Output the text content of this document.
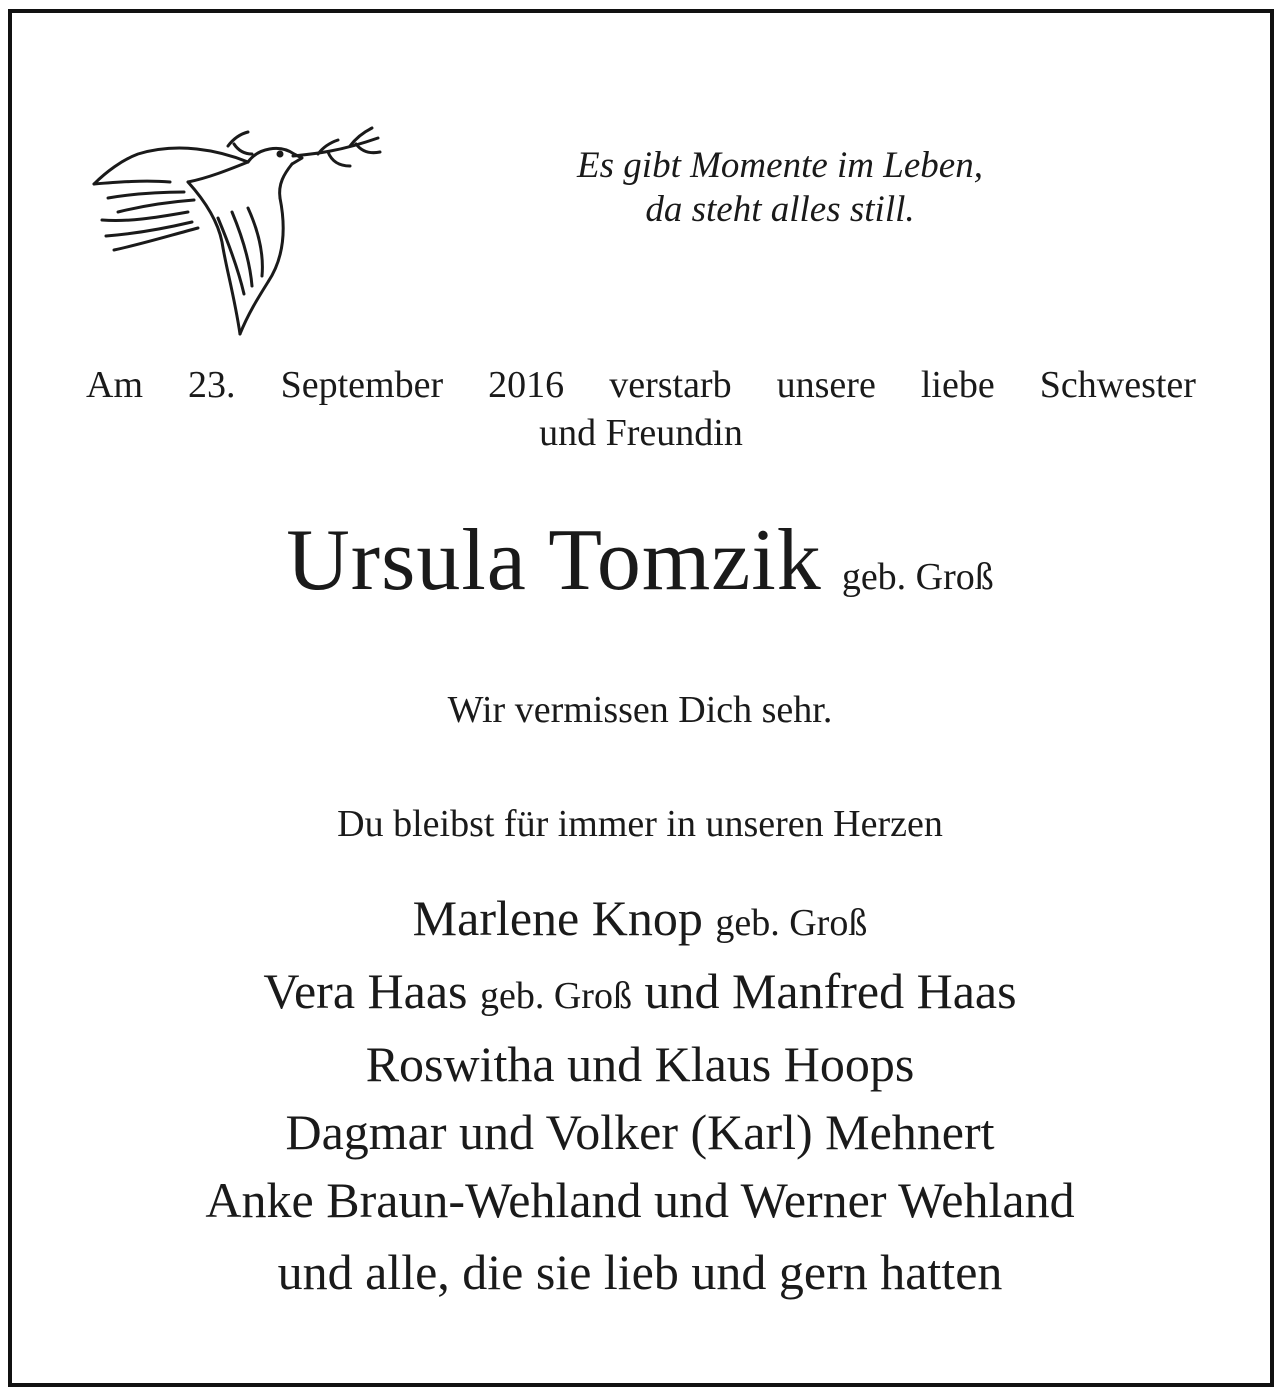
Es gibt Momente im Leben,
da steht alles still.
Am 23. September 2016 verstarb unsere liebe Schwester
und Freundin
Ursula Tomzik geb. Groß
Wir vermissen Dich sehr.
Du bleibst für immer in unseren Herzen
Marlene Knop geb. Groß
Vera Haas geb. Groß und Manfred Haas
Roswitha und Klaus Hoops
Dagmar und Volker (Karl) Mehnert
Anke Braun-Wehland und Werner Wehland
und alle, die sie lieb und gern hatten
